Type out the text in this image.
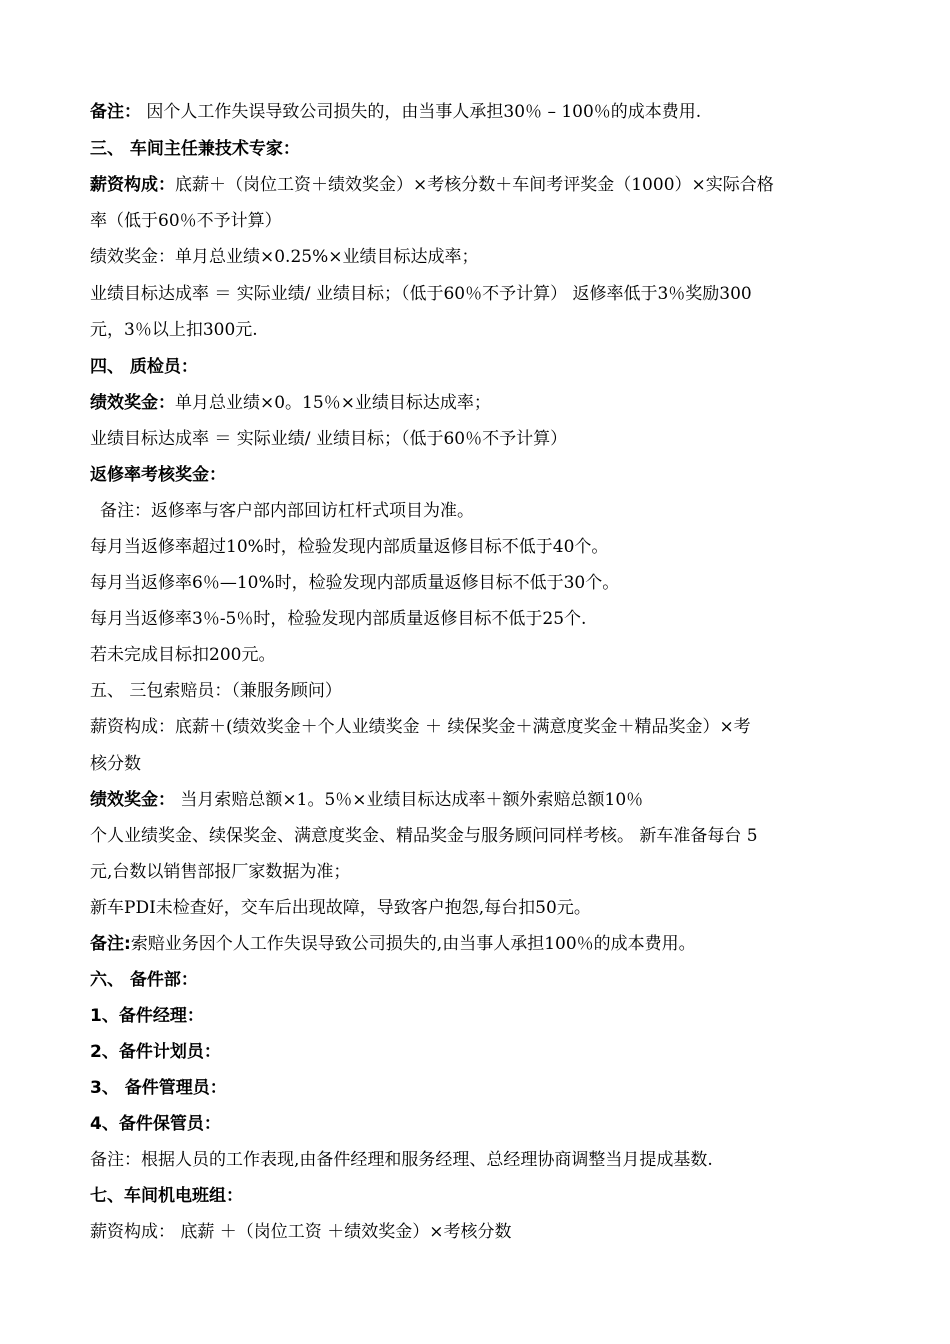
备注： 因个人工作失误导致公司损失的，由当事人承担30％ – 100％的成本费用.
三、 车间主任兼技术专家：
薪资构成：底薪＋（岗位工资＋绩效奖金）×考核分数＋车间考评奖金（1000）×实际合格
率（低于60％不予计算）
绩效奖金：单月总业绩×0.25%×业绩目标达成率；
业绩目标达成率 ＝ 实际业绩/ 业绩目标；（低于60％不予计算） 返修率低于3％奖励300
元，3％以上扣300元.
四、 质检员：
绩效奖金：单月总业绩×0。15％×业绩目标达成率；
业绩目标达成率 ＝ 实际业绩/ 业绩目标；（低于60％不予计算）
返修率考核奖金：
备注：返修率与客户部内部回访杠杆式项目为准。
每月当返修率超过10%时，检验发现内部质量返修目标不低于40个。
每月当返修率6％—10%时，检验发现内部质量返修目标不低于30个。
每月当返修率3％-5％时，检验发现内部质量返修目标不低于25个.
若未完成目标扣200元。
五、 三包索赔员：（兼服务顾问）
薪资构成：底薪＋(绩效奖金＋个人业绩奖金 ＋ 续保奖金＋满意度奖金＋精品奖金）×考
核分数
绩效奖金： 当月索赔总额×1。5％×业绩目标达成率＋额外索赔总额10％
个人业绩奖金、续保奖金、满意度奖金、精品奖金与服务顾问同样考核。 新车准备每台 5
元,台数以销售部报厂家数据为准；
新车PDI未检查好，交车后出现故障，导致客户抱怨,每台扣50元。
备注:索赔业务因个人工作失误导致公司损失的,由当事人承担100％的成本费用。
六、 备件部：
1、备件经理：
2、备件计划员：
3、 备件管理员：
4、备件保管员：
备注：根据人员的工作表现,由备件经理和服务经理、总经理协商调整当月提成基数.
七、车间机电班组：
薪资构成： 底薪 ＋（岗位工资 ＋绩效奖金）×考核分数
